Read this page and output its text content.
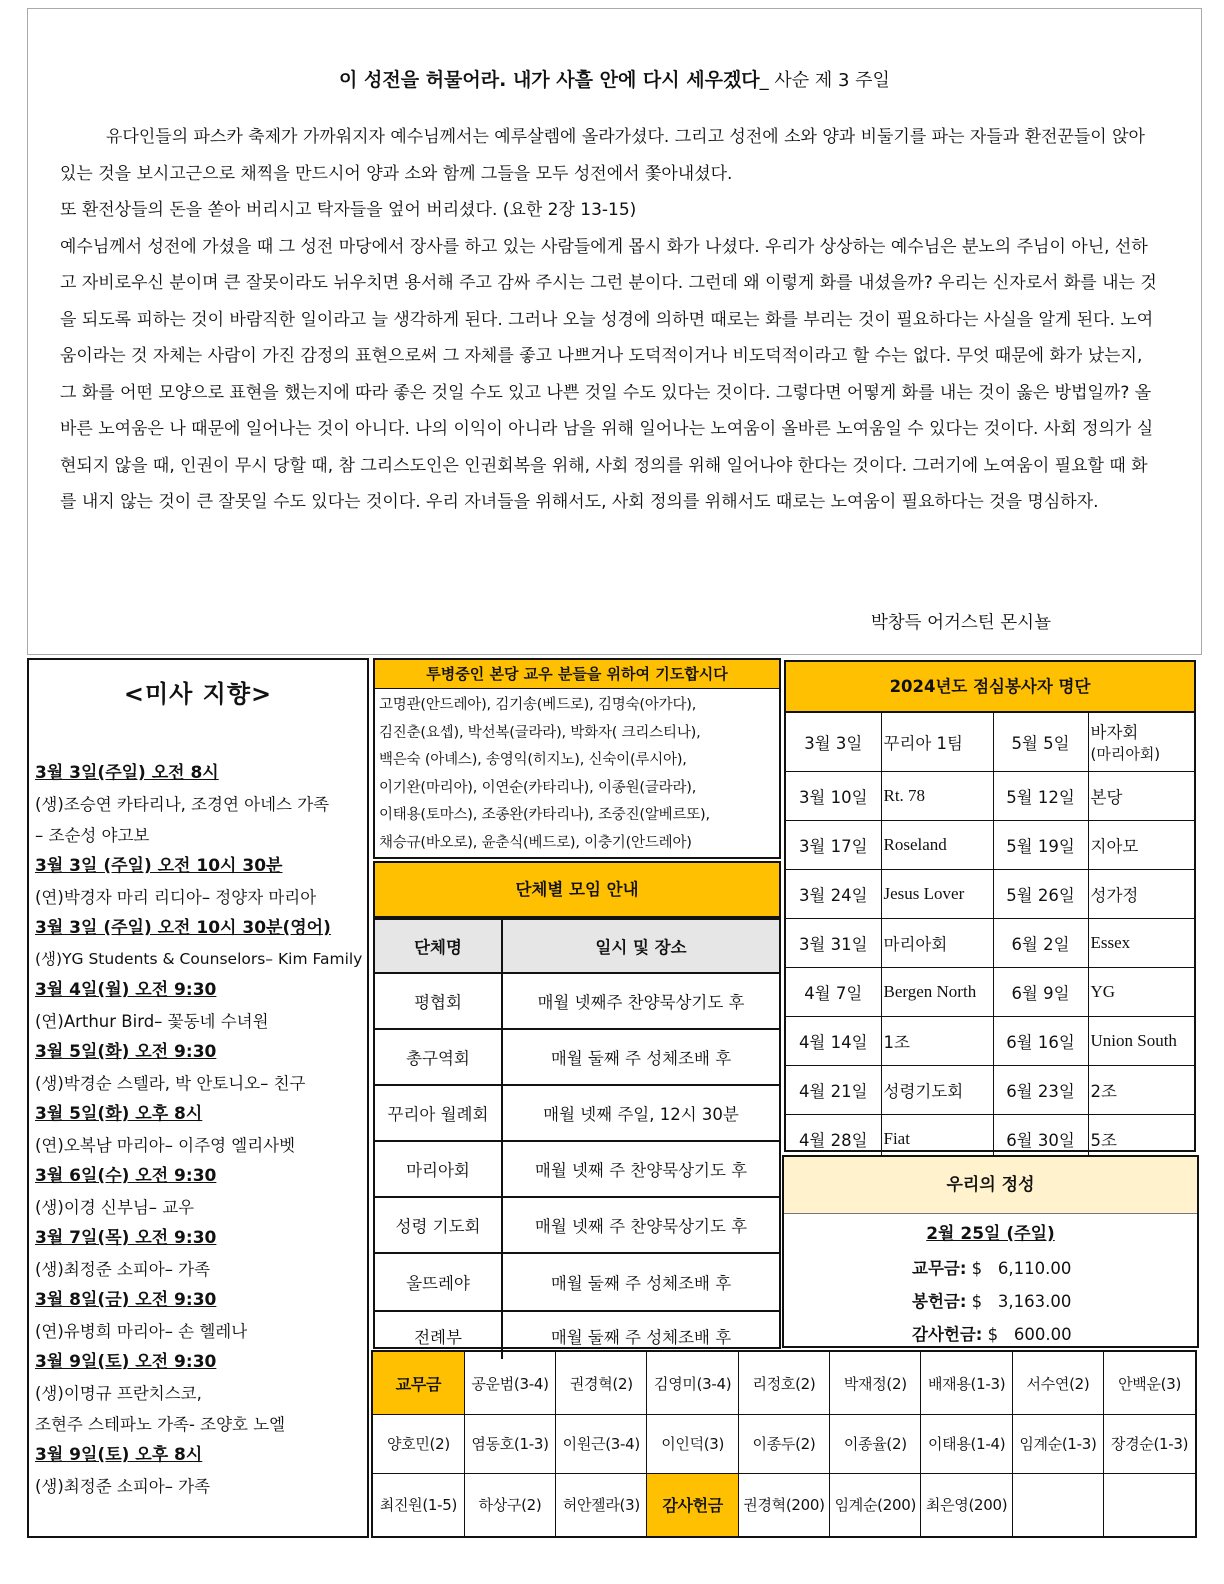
이 성전을 허물어라. 내가 사흘 안에 다시 세우겠다_ 사순 제 3 주일

유다인들의 파스카 축제가 가까워지자 예수님께서는 예루살렘에 올라가셨다. 그리고 성전에 소와 양과 비둘기를 파는 자들과 환전꾼들이 앉아 있는 것을 보시고근으로 채찍을 만드시어 양과 소와 함께 그들을 모두 성전에서 쫓아내셨다.

또 환전상들의 돈을 쏟아 버리시고 탁자들을 엎어 버리셨다. (요한 2장 13-15)

예수님께서 성전에 가셨을 때 그 성전 마당에서 장사를 하고 있는 사람들에게 몹시 화가 나셨다. 우리가 상상하는 예수님은 분노의 주님이 아닌, 선하고 자비로우신 분이며 큰 잘못이라도 뉘우치면 용서해 주고 감싸 주시는 그런 분이다. 그런데 왜 이렇게 화를 내셨을까? 우리는 신자로서 화를 내는 것을 되도록 피하는 것이 바람직한 일이라고 늘 생각하게 된다. 그러나 오늘 성경에 의하면 때로는 화를 부리는 것이 필요하다는 사실을 알게 된다. 노여움이라는 것 자체는 사람이 가진 감정의 표현으로써 그 자체를 좋고 나쁘거나 도덕적이거나 비도덕적이라고 할 수는 없다. 무엇 때문에 화가 났는지, 그 화를 어떤 모양으로 표현을 했는지에 따라 좋은 것일 수도 있고 나쁜 것일 수도 있다는 것이다. 그렇다면 어떻게 화를 내는 것이 옳은 방법일까? 올바른 노여움은 나 때문에 일어나는 것이 아니다. 나의 이익이 아니라 남을 위해 일어나는 노여움이 올바른 노여움일 수 있다는 것이다. 사회 정의가 실현되지 않을 때, 인권이 무시 당할 때, 참 그리스도인은 인권회복을 위해, 사회 정의를 위해 일어나야 한다는 것이다. 그러기에 노여움이 필요할 때 화를 내지 않는 것이 큰 잘못일 수도 있다는 것이다. 우리 자녀들을 위해서도, 사회 정의를 위해서도 때로는 노여움이 필요하다는 것을 명심하자.

박창득 어거스틴 몬시뇰
<미사 지향>
3월 3일(주일) 오전 8시
(생)조승연 카타리나, 조경연 아네스 가족
– 조순성 야고보
3월 3일 (주일) 오전 10시 30분
(연)박경자 마리 리디아– 정양자 마리아
3월 3일 (주일) 오전 10시 30분(영어)
(생)YG Students & Counselors– Kim Family
3월 4일(월) 오전 9:30
(연)Arthur Bird– 꽃동네 수녀원
3월 5일(화) 오전 9:30
(생)박경순 스텔라, 박 안토니오– 친구
3월 5일(화) 오후 8시
(연)오복남 마리아– 이주영 엘리사벳
3월 6일(수) 오전 9:30
(생)이경 신부님– 교우
3월 7일(목) 오전 9:30
(생)최정준 소피아– 가족
3월 8일(금) 오전 9:30
(연)유병희 마리아– 손 헬레나
3월 9일(토) 오전 9:30
(생)이명규 프란치스코,
조현주 스테파노 가족- 조양호 노엘
3월 9일(토) 오후 8시
(생)최정준 소피아– 가족
투병중인 본당 교우 분들을 위하여 기도합시다
고명관(안드레아), 김기송(베드로), 김명숙(아가다),
김진춘(요셉), 박선복(글라라), 박화자( 크리스티나),
백은숙 (아녜스), 송영익(히지노), 신숙이(루시아),
이기완(마리아), 이연순(카타리나), 이종원(글라라),
이태용(토마스), 조종완(카타리나), 조중진(알베르또),
채승규(바오로), 윤춘식(베드로), 이충기(안드레아)
단체별 모임 안내
단체명	일시 및 장소
평협회	매월 넷째주 찬양묵상기도 후
총구역회	매월 둘째 주 성체조배 후
꾸리아 월례회	매월 넷째 주일, 12시 30분
마리아회	매월 넷째 주 찬양묵상기도 후
성령 기도회	매월 넷째 주 찬양묵상기도 후
울뜨레야	매월 둘째 주 성체조배 후
전례부	매월 둘째 주 성체조배 후
2024년도 점심봉사자 명단
3월 3일	꾸리아 1팀	5월 5일	바자회
(마리아회)

3월 10일	Rt. 78	5월 12일	본당
3월 17일	Roseland	5월 19일	지아모
3월 24일	Jesus Lover	5월 26일	성가정
3월 31일	마리아회	6월 2일	Essex
4월 7일	Bergen North	6월 9일	YG
4월 14일	1조	6월 16일	Union South
4월 21일	성령기도회	6월 23일	2조
4월 28일	Fiat	6월 30일	5조
우리의 정성
2월 25일 (주일)
교무금: $   6,110.00
봉헌금: $   3,163.00
감사헌금: $   600.00
교무금	공운범(3-4)	권경혁(2)	김영미(3-4)	리정호(2)	박재정(2)	배재용(1-3)	서수연(2)	안백운(3)
양호민(2)	염동호(1-3)	이원근(3-4)	이인덕(3)	이종두(2)	이종율(2)	이태용(1-4)	임계순(1-3)	장경순(1-3)
최진원(1-5)	하상구(2)	허안젤라(3)	감사헌금	권경혁(200)	임계순(200)	최은영(200)		
